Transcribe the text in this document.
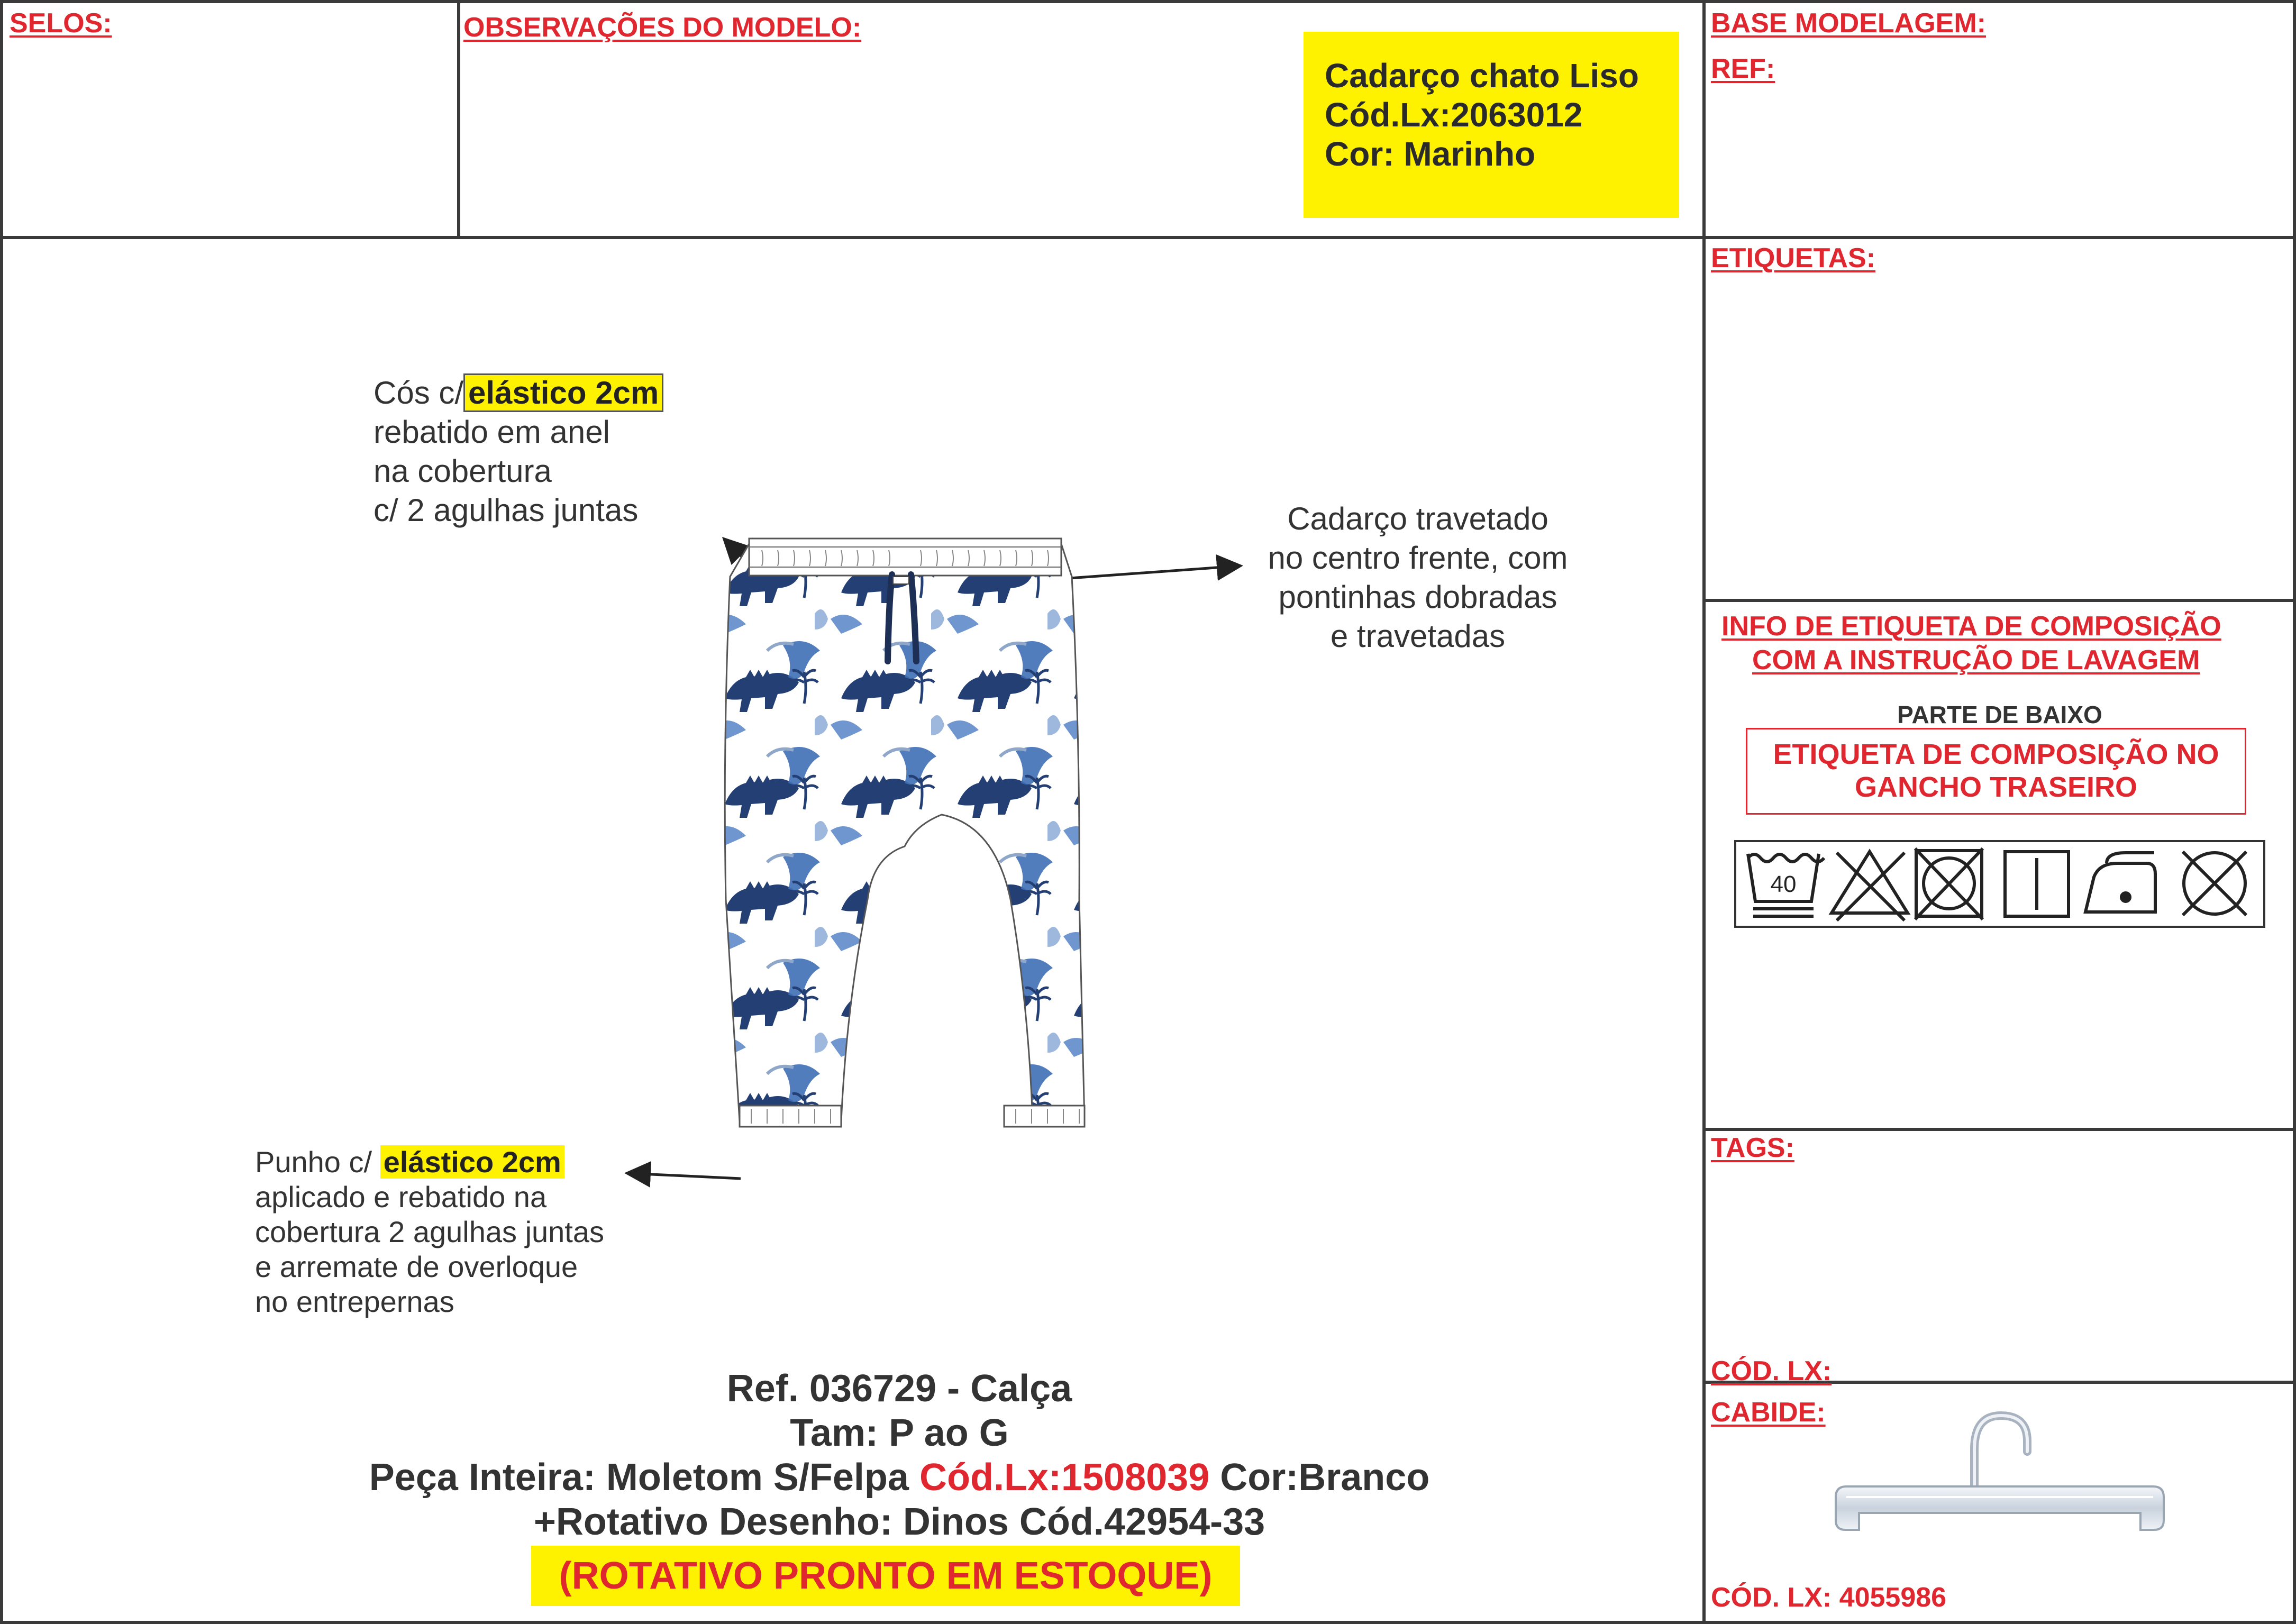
SELOS:	OBSERVAÇÕES DO MODELO:
Cadarço chato Liso
Cód.Lx:2063012
Cor: Marinho
BASE MODELAGEM:
REF:
ETIQUETAS:
INFO DE ETIQUETA DE COMPOSIÇÃO
COM A INSTRUÇÃO DE LAVAGEM
PARTE DE BAIXO
ETIQUETA DE COMPOSIÇÃO NO
GANCHO TRASEIRO
40
TAGS:
CÓD. LX:
CABIDE:
CÓD. LX: 4055986
Cós c/ elástico 2cm
rebatido em anel
na cobertura
c/ 2 agulhas juntas	Cadarço travetado
no centro frente, com
pontinhas dobradas
e travetadas
Punho c/ elástico 2cm
aplicado e rebatido na
cobertura 2 agulhas juntas
e arremate de overloque
no entrepernas
Ref. 036729 - Calça
Tam: P ao G
Peça Inteira: Moletom S/Felpa Cód.Lx:1508039 Cor:Branco
+Rotativo Desenho: Dinos Cód.42954-33
(ROTATIVO PRONTO EM ESTOQUE)
